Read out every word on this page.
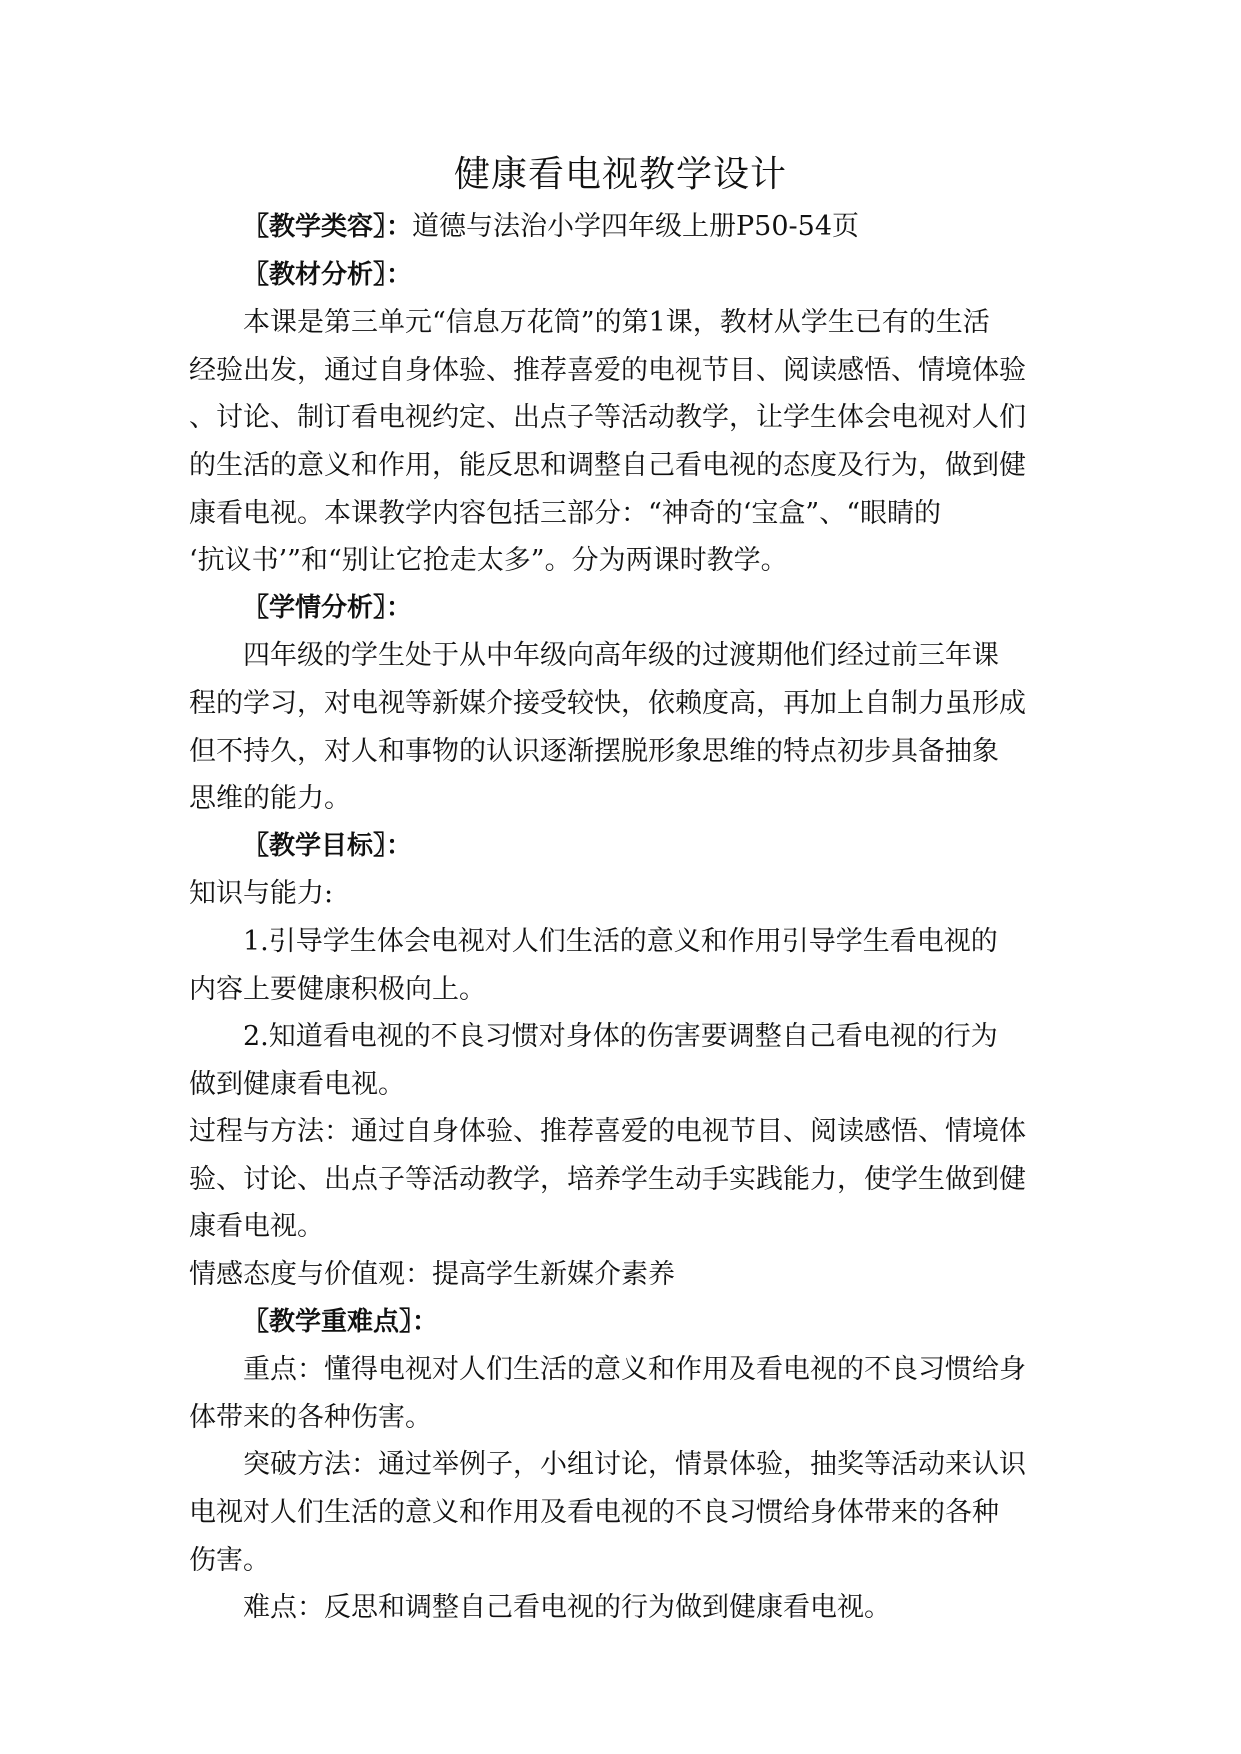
健康看电视教学设计

〖教学类容〗：道德与法治小学四年级上册P50-54页

〖教材分析〗：

本课是第三单元“信息万花筒”的第1课，教材从学生已有的生活

经验出发，通过自身体验、推荐喜爱的电视节目、阅读感悟、情境体验

、讨论、制订看电视约定、出点子等活动教学，让学生体会电视对人们

的生活的意义和作用，能反思和调整自己看电视的态度及行为，做到健

康看电视。本课教学内容包括三部分：“神奇的‘宝盒”、“眼睛的

‘抗议书’”和“别让它抢走太多”。分为两课时教学。

〖学情分析〗：

四年级的学生处于从中年级向高年级的过渡期他们经过前三年课

程的学习，对电视等新媒介接受较快，依赖度高，再加上自制力虽形成

但不持久，对人和事物的认识逐渐摆脱形象思维的特点初步具备抽象

思维的能力。

〖教学目标〗：

知识与能力:

1.引导学生体会电视对人们生活的意义和作用引导学生看电视的

内容上要健康积极向上。

2.知道看电视的不良习惯对身体的伤害要调整自己看电视的行为

做到健康看电视。

过程与方法：通过自身体验、推荐喜爱的电视节目、阅读感悟、情境体

验、讨论、出点子等活动教学，培养学生动手实践能力，使学生做到健

康看电视。

情感态度与价值观：提高学生新媒介素养

〖教学重难点〗：

重点：懂得电视对人们生活的意义和作用及看电视的不良习惯给身

体带来的各种伤害。

突破方法：通过举例子，小组讨论，情景体验，抽奖等活动来认识

电视对人们生活的意义和作用及看电视的不良习惯给身体带来的各种

伤害。

难点：反思和调整自己看电视的行为做到健康看电视。
